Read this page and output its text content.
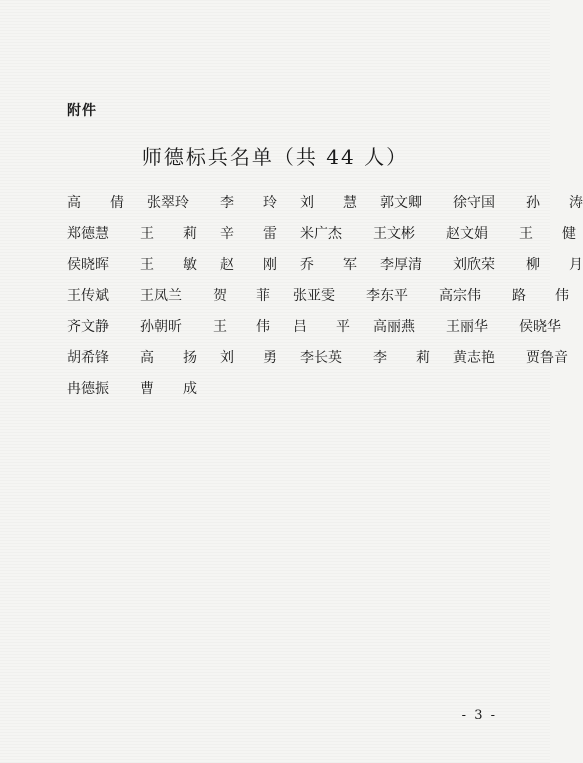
附件
师德标兵名单（共 44 人）
高 倩 张翠玲	李 玲 刘 慧 郭文卿	徐守国	孙 涛
郑德慧	王 莉 辛 雷 米广杰	王文彬	赵文娟	王 健
侯晓晖	王 敏 赵 刚 乔 军 李厚清	刘欣荣	柳 月
王传斌	王凤兰	贺 菲 张亚雯	李东平	高宗伟	路 伟
齐文静	孙朝昕	王 伟 吕 平 高丽燕	王丽华	侯晓华
胡希锋	高 扬 刘 勇 李长英	李 莉 黄志艳	贾鲁音
冉德振	曹 成
- 3 -
